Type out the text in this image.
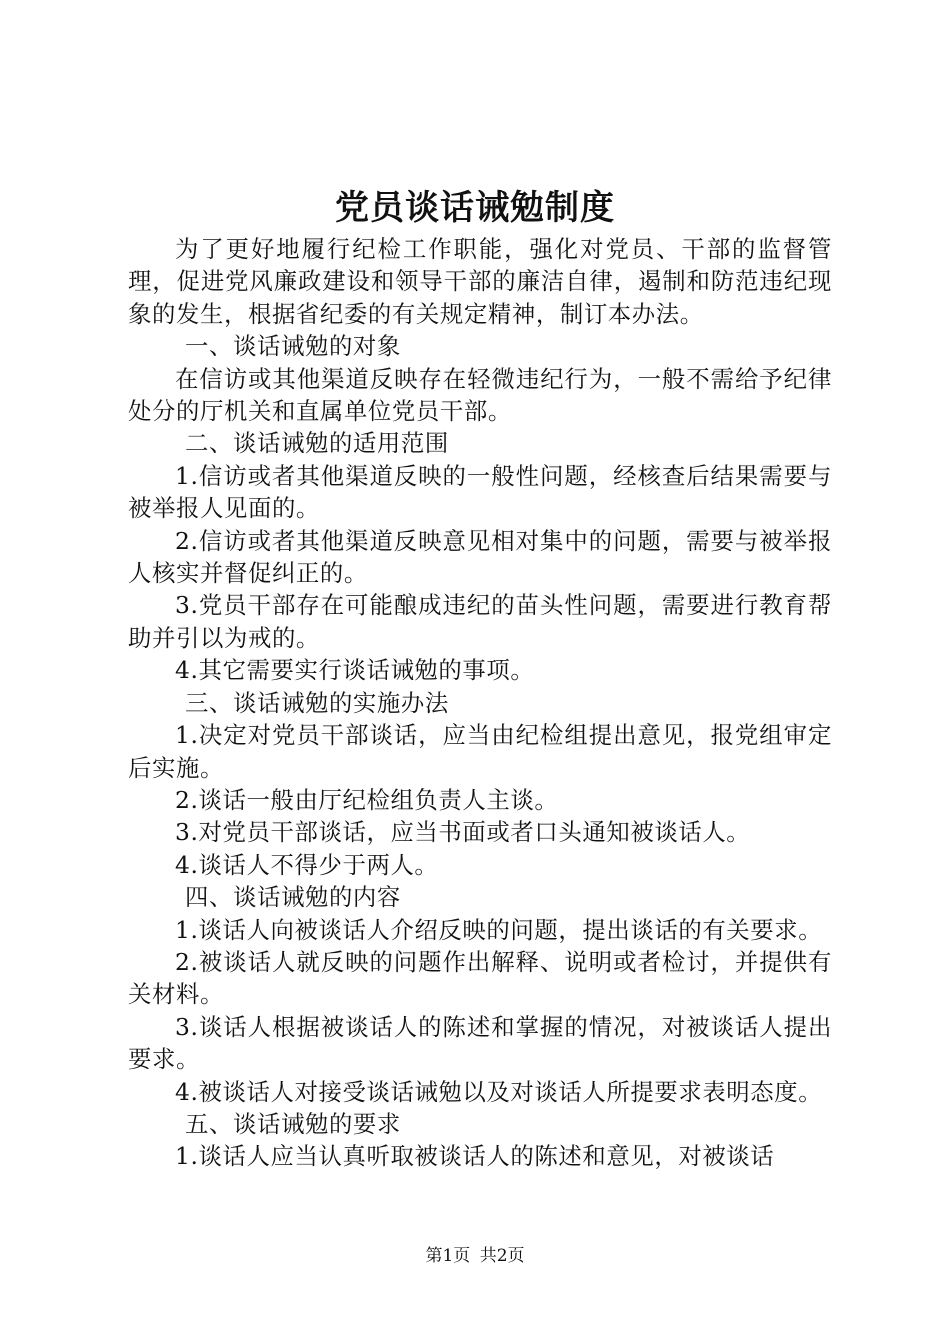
党员谈话诫勉制度

为了更好地履行纪检工作职能，强化对党员、干部的监督管理，促进党风廉政建设和领导干部的廉洁自律，遏制和防范违纪现象的发生，根据省纪委的有关规定精神，制订本办法。

一、谈话诫勉的对象

在信访或其他渠道反映存在轻微违纪行为，一般不需给予纪律处分的厅机关和直属单位党员干部。

二、谈话诫勉的适用范围

1.信访或者其他渠道反映的一般性问题，经核查后结果需要与被举报人见面的。

2.信访或者其他渠道反映意见相对集中的问题，需要与被举报人核实并督促纠正的。

3.党员干部存在可能酿成违纪的苗头性问题，需要进行教育帮助并引以为戒的。

4.其它需要实行谈话诫勉的事项。

三、谈话诫勉的实施办法

1.决定对党员干部谈话，应当由纪检组提出意见，报党组审定后实施。

2.谈话一般由厅纪检组负责人主谈。

3.对党员干部谈话，应当书面或者口头通知被谈话人。

4.谈话人不得少于两人。

四、谈话诫勉的内容

1.谈话人向被谈话人介绍反映的问题，提出谈话的有关要求。

2.被谈话人就反映的问题作出解释、说明或者检讨，并提供有关材料。

3.谈话人根据被谈话人的陈述和掌握的情况，对被谈话人提出要求。

4.被谈话人对接受谈话诫勉以及对谈话人所提要求表明态度。

五、谈话诫勉的要求

1.谈话人应当认真听取被谈话人的陈述和意见，对被谈话

第1页 共2页
